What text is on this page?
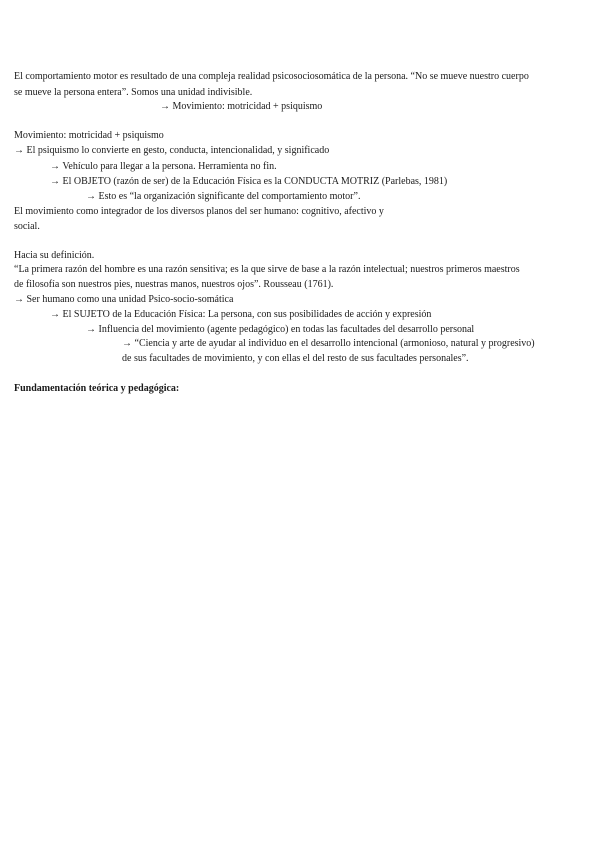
El comportamiento motor es resultado de una compleja realidad psicosociosomática de la persona. “No se mueve nuestro cuerpo
se mueve la persona entera”. Somos una unidad indivisible.
→ Movimiento: motricidad + psiquismo
Movimiento: motricidad + psiquismo
→ El psiquismo lo convierte en gesto, conducta, intencionalidad, y significado
→ Vehículo para llegar a la persona. Herramienta no fin.
→ El OBJETO (razón de ser) de la Educación Física es la CONDUCTA MOTRIZ (Parlebas, 1981)
→ Esto es “la organización significante del comportamiento motor”.
El movimiento como integrador de los diversos planos del ser humano: cognitivo, afectivo y
social.
Hacia su definición.
“La primera razón del hombre es una razón sensitiva; es la que sirve de base a la razón intelectual; nuestros primeros maestros
de filosofía son nuestros pies, nuestras manos, nuestros ojos”. Rousseau (1761).
→ Ser humano como una unidad Psico-socio-somática
→ El SUJETO de la Educación Física: La persona, con sus posibilidades de acción y expresión
→ Influencia del movimiento (agente pedagógico) en todas las facultades del desarrollo personal
→ “Ciencia y arte de ayudar al individuo en el desarrollo intencional (armonioso, natural y progresivo)
de sus facultades de movimiento, y con ellas el del resto de sus facultades personales”.
Fundamentación teórica y pedagógica:
